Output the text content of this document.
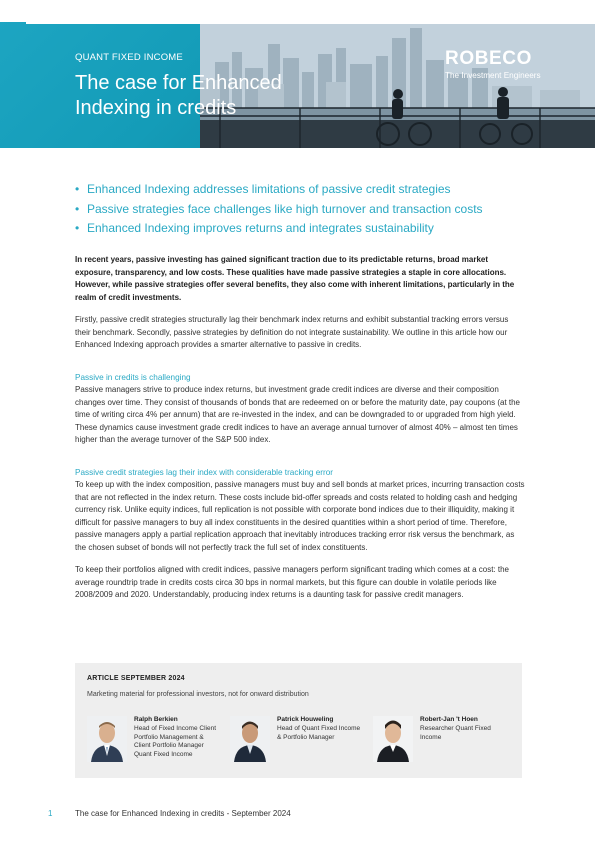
QUANT FIXED INCOME
The case for Enhanced
Indexing in credits
ROBECO
The Investment Engineers
• Enhanced Indexing addresses limitations of passive credit strategies
• Passive strategies face challenges like high turnover and transaction costs
• Enhanced Indexing improves returns and integrates sustainability

In recent years, passive investing has gained significant traction due to its predictable returns, broad market exposure, transparency, and low costs. These qualities have made passive strategies a staple in core allocations. However, while passive strategies offer several benefits, they also come with inherent limitations, particularly in the realm of credit investments.

Firstly, passive credit strategies structurally lag their benchmark index returns and exhibit substantial tracking errors versus their benchmark. Secondly, passive strategies by definition do not integrate sustainability. We outline in this article how our Enhanced Indexing approach provides a smarter alternative to passive in credits.

Passive in credits is challenging

Passive managers strive to produce index returns, but investment grade credit indices are diverse and their composition changes over time. They consist of thousands of bonds that are redeemed on or before the maturity date, pay coupons (at the time of writing circa 4% per annum) that are re-invested in the index, and can be downgraded to or upgraded from high yield. These dynamics cause investment grade credit indices to have an average annual turnover of almost 40% – almost ten times higher than the average turnover of the S&P 500 index.

Passive credit strategies lag their index with considerable tracking error

To keep up with the index composition, passive managers must buy and sell bonds at market prices, incurring transaction costs that are not reflected in the index return. These costs include bid-offer spreads and costs related to holding cash and hedging currency risk. Unlike equity indices, full replication is not possible with corporate bond indices due to their illiquidity, making it difficult for passive managers to buy all index constituents in the desired quantities within a short period of time. Therefore, passive managers apply a partial replication approach that inevitably introduces tracking error risk versus the benchmark, as the chosen subset of bonds will not perfectly track the full set of index constituents.

To keep their portfolios aligned with credit indices, passive managers perform significant trading which comes at a cost: the average roundtrip trade in credits costs circa 30 bps in normal markets, but this figure can double in volatile periods like 2008/2009 and 2020. Understandably, producing index returns is a daunting task for passive credit managers.

ARTICLE SEPTEMBER 2024
Marketing material for professional investors, not for onward distribution
Ralph Berkien
Head of Fixed Income Client
Portfolio Management &
Client Portfolio Manager
Quant Fixed Income
Patrick Houweling
Head of Quant Fixed Income
& Portfolio Manager
Robert-Jan 't Hoen
Researcher Quant Fixed
Income
1	The case for Enhanced Indexing in credits - September 2024
